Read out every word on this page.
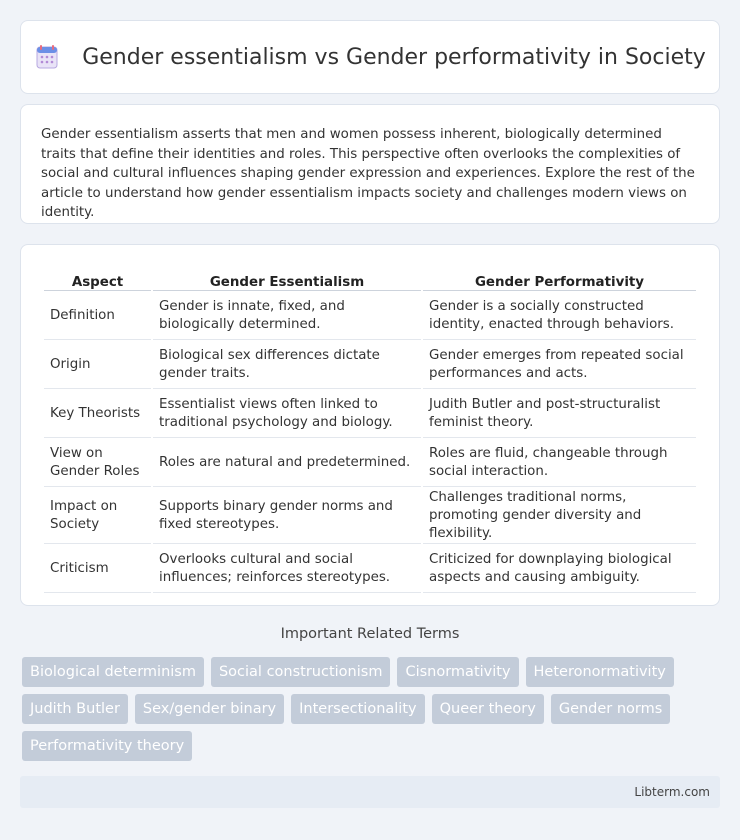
Gender essentialism vs Gender performativity in Society

Gender essentialism asserts that men and women possess inherent, biologically determined traits that define their identities and roles. This perspective often overlooks the complexities of social and cultural influences shaping gender expression and experiences. Explore the rest of the article to understand how gender essentialism impacts society and challenges modern views on identity.

Aspect	Gender Essentialism	Gender Performativity
Definition	Gender is innate, fixed, and biologically determined.	Gender is a socially constructed identity, enacted through behaviors.
Origin	Biological sex differences dictate gender traits.	Gender emerges from repeated social performances and acts.
Key Theorists	Essentialist views often linked to traditional psychology and biology.	Judith Butler and post-structuralist feminist theory.
View on Gender Roles	Roles are natural and predetermined.	Roles are fluid, changeable through social interaction.
Impact on Society	Supports binary gender norms and fixed stereotypes.	Challenges traditional norms, promoting gender diversity and flexibility.
Criticism	Overlooks cultural and social influences; reinforces stereotypes.	Criticized for downplaying biological aspects and causing ambiguity.
Important Related Terms
Biological determinism	Social constructionism	Cisnormativity	Heteronormativity
Judith Butler	Sex/gender binary	Intersectionality	Queer theory	Gender norms
Performativity theory
Libterm.com
